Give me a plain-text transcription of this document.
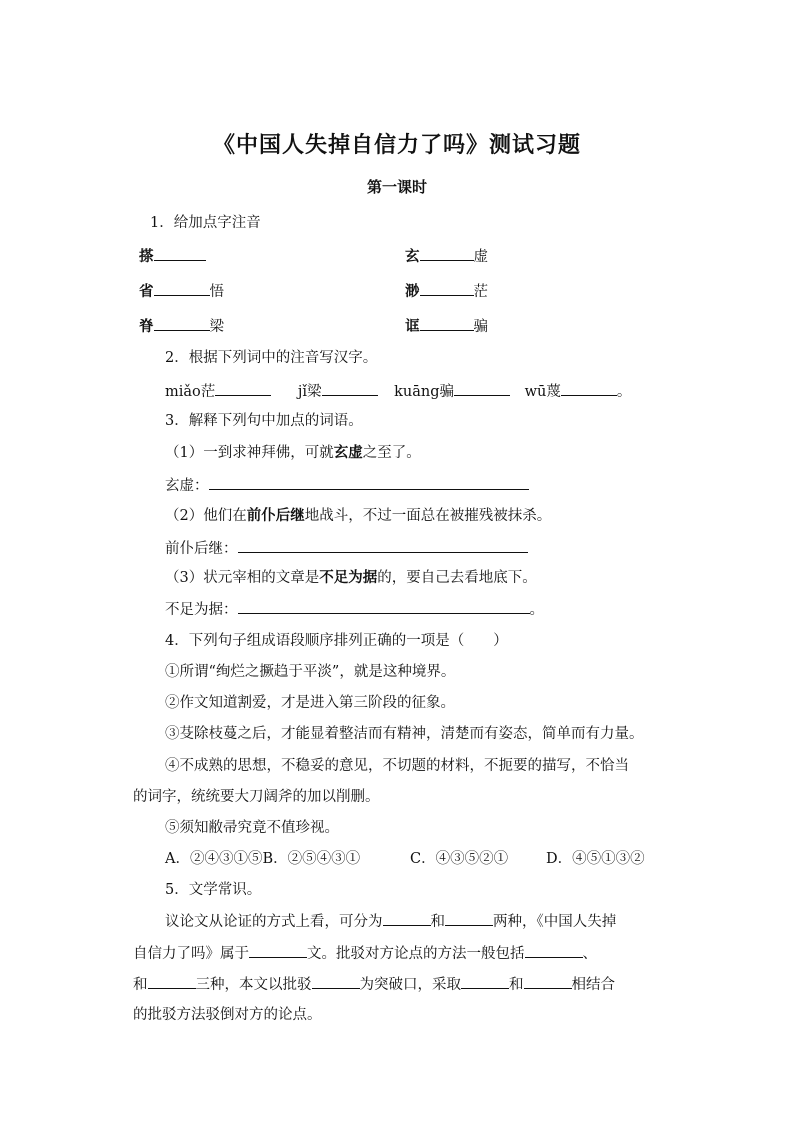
《中国人失掉自信力了吗》测试习题
第一课时
1．给加点字注音
搽	玄	虚
省	悟	渺	茫
脊	梁	诓	骗
2．根据下列词中的注音写汉字。
miǎo茫	jǐ梁	kuāng骗	wū蔑	。
3．解释下列句中加点的词语。
（1）一到求神拜佛，可就玄虚之至了。
玄虚：
（2）他们在前仆后继地战斗，不过一面总在被摧残被抹杀。
前仆后继：
（3）状元宰相的文章是不足为据的，要自己去看地底下。
不足为据：	。
4．下列句子组成语段顺序排列正确的一项是（　　）
①所谓“绚烂之撅趋于平淡”，就是这种境界。
②作文知道割爱，才是进入第三阶段的征象。
③芟除枝蔓之后，才能显着整洁而有精神，清楚而有姿态，简单而有力量。
④不成熟的思想，不稳妥的意见，不切题的材料，不扼要的描写，不恰当
的词字，统统要大刀阔斧的加以削删。
⑤须知敝帚究竟不值珍视。
A．②④③①⑤B．②⑤④③①	C．④③⑤②①	D．④⑤①③②
5．文学常识。
议论文从论证的方式上看，可分为	和	两种，《中国人失掉
自信力了吗》属于	文。批驳对方论点的方法一般包括	、
和	三种，本文以批驳	为突破口，采取	和	相结合
的批驳方法驳倒对方的论点。
